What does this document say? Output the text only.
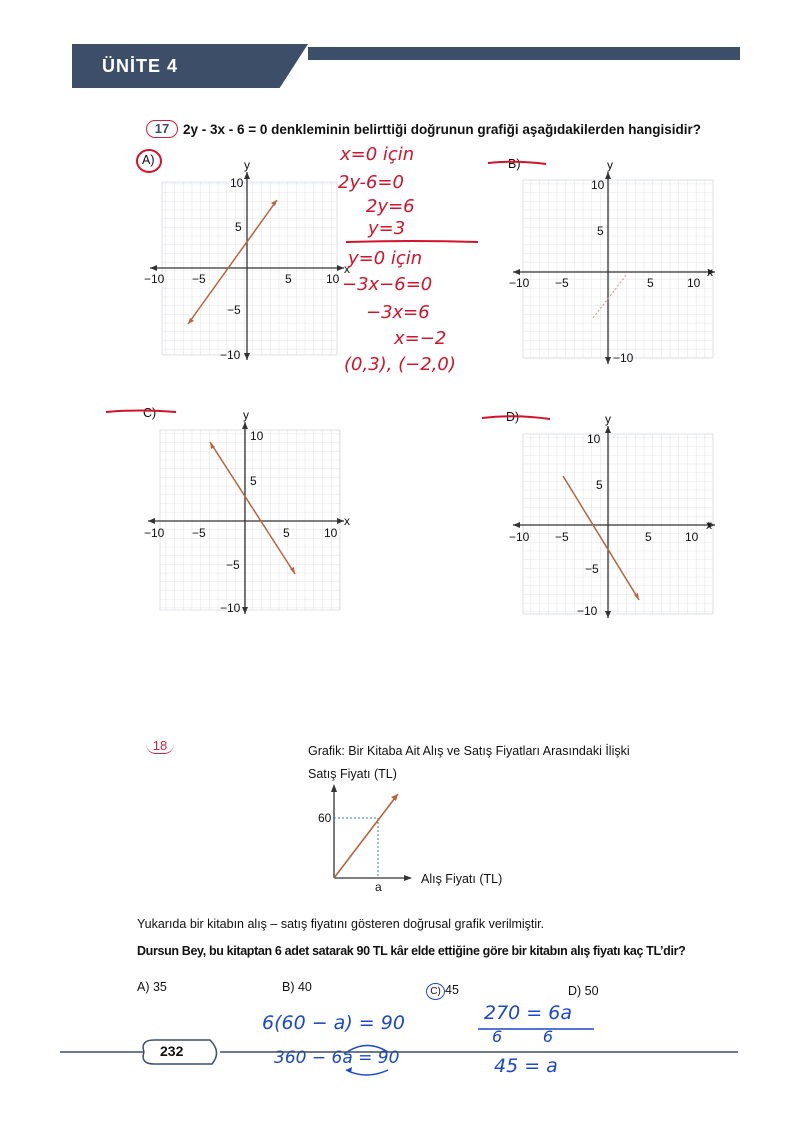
ÜNİTE 4
17	2y - 3x - 6 = 0 denkleminin belirttiği doğrunun grafiği aşağıdakilerden hangisidir?
A)	B)
C)	D)
y
x
10
5
−5
−10
−10 −5	5	10
y
x
10
5
−10
−10 −5	5	10
y
x
10
5
−5
−10
−10 −5	5	10
y
x
10
5
−5
−10
−10 −5	5	10
x=0 için
2y-6=0
2y=6
y=3
y=0 için
−3x−6=0
−3x=6
x=−2
(0,3), (−2,0)
18	Grafik: Bir Kitaba Ait Alış ve Satış Fiyatları Arasındaki İlişki
Satış Fiyatı (TL)
60
a
Alış Fiyatı (TL)
Yukarıda bir kitabın alış – satış fiyatını gösteren doğrusal grafik verilmiştir.
Dursun Bey, bu kitaptan 6 adet satarak 90 TL kâr elde ettiğine göre bir kitabın alış fiyatı kaç TL’dir?
A) 35	B) 40	C) 45	D) 50
6(60 − a) = 90
360 − 6a = 90
270 = 6a
6        6
45 = a
232
